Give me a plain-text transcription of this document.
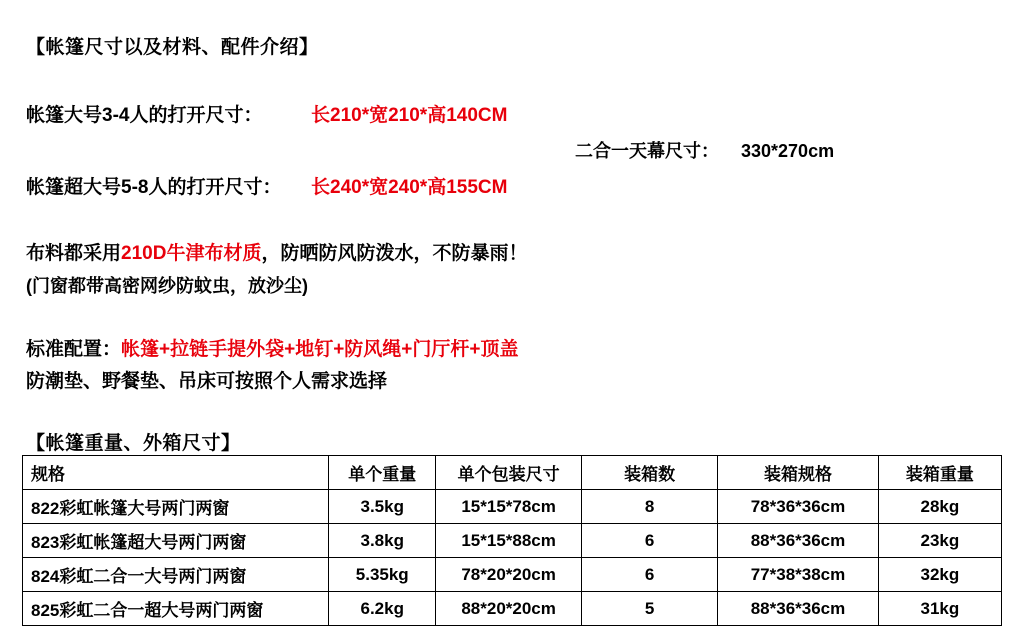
【帐篷尺寸以及材料、配件介绍】
帐篷大号3-4人的打开尺寸：	长210*宽210*高140CM
二合一天幕尺寸： 330*270cm
帐篷超大号5-8人的打开尺寸： 长240*宽240*高155CM
布料都采用210D牛津布材质，防晒防风防泼水，不防暴雨！
(门窗都带高密网纱防蚊虫，放沙尘)
标准配置：帐篷+拉链手提外袋+地钉+防风绳+门厅杆+顶盖
防潮垫、野餐垫、吊床可按照个人需求选择
【帐篷重量、外箱尺寸】
规格	单个重量	单个包装尺寸	装箱数	装箱规格	装箱重量
822彩虹帐篷大号两门两窗	3.5kg	15*15*78cm	8	78*36*36cm	28kg
823彩虹帐篷超大号两门两窗	3.8kg	15*15*88cm	6	88*36*36cm	23kg
824彩虹二合一大号两门两窗	5.35kg	78*20*20cm	6	77*38*38cm	32kg
825彩虹二合一超大号两门两窗	6.2kg	88*20*20cm	5	88*36*36cm	31kg
